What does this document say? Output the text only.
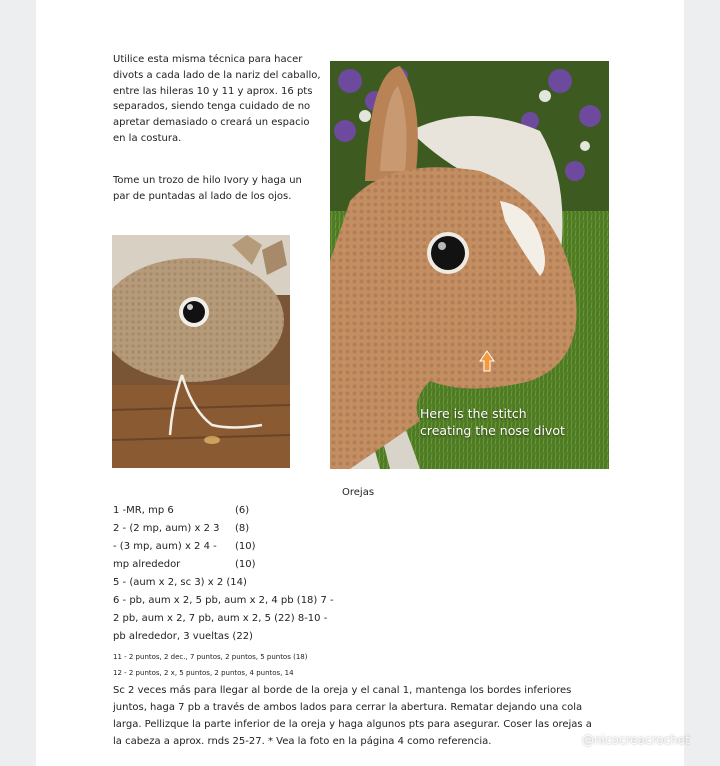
Utilice esta misma técnica para hacer divots a cada lado de la nariz del caballo, entre las hileras 10 y 11 y aprox. 16 pts separados, siendo tenga cuidado de no apretar demasiado o creará un espacio en la costura.
Tome un trozo de hilo Ivory y haga un par de puntadas al lado de los ojos.
Here is the stitch
creating the nose divot
Orejas
1 -MR, mp 6	(6)
2 - (2 mp, aum) x 2 3 (8)
- (3 mp, aum) x 2 4 - (10)
mp alrededor	(10)
5 - (aum x 2, sc 3) x 2 (14)
6 - pb, aum x 2, 5 pb, aum x 2, 4 pb (18) 7 -
2 pb, aum x 2, 7 pb, aum x 2, 5 (22) 8-10 -
pb alrededor, 3 vueltas (22)
11 - 2 puntos, 2 dec., 7 puntos, 2 puntos, 5 puntos (18)
12 - 2 puntos, 2 x, 5 puntos, 2 puntos, 4 puntos, 14
Sc 2 veces más para llegar al borde de la oreja y el canal 1, mantenga los bordes inferiores juntos, haga 7 pb a través de ambos lados para cerrar la abertura. Rematar dejando una cola larga. Pellizque la parte inferior de la oreja y haga algunos pts para asegurar. Coser las orejas a la cabeza a aprox. rnds 25-27. * Vea la foto en la página 4 como referencia.	@nicocreacrochet
